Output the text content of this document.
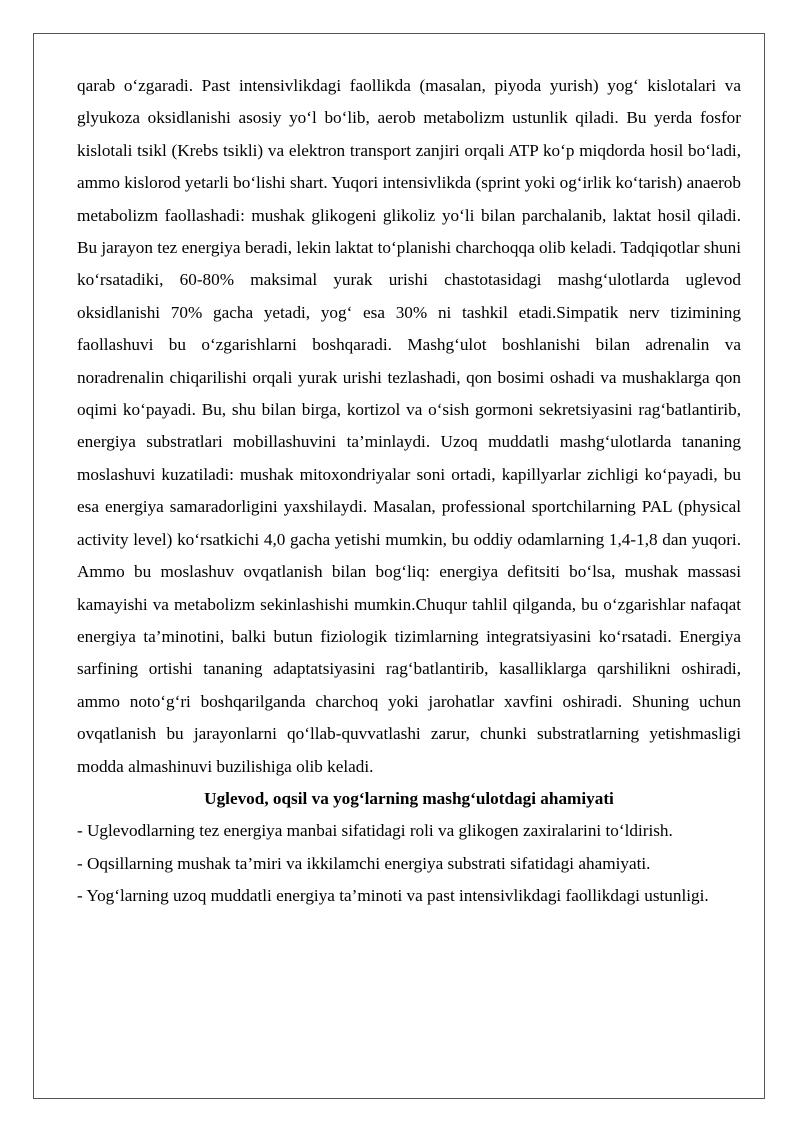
qarab o‘zgaradi. Past intensivlikdagi faollikda (masalan, piyoda yurish) yog‘ kislotalari va glyukoza oksidlanishi asosiy yo‘l bo‘lib, aerob metabolizm ustunlik qiladi. Bu yerda fosfor kislotali tsikl (Krebs tsikli) va elektron transport zanjiri orqali ATP ko‘p miqdorda hosil bo‘ladi, ammo kislorod yetarli bo‘lishi shart. Yuqori intensivlikda (sprint yoki og‘irlik ko‘tarish) anaerob metabolizm faollashadi: mushak glikogeni glikoliz yo‘li bilan parchalanib, laktat hosil qiladi. Bu jarayon tez energiya beradi, lekin laktat to‘planishi charchoqqa olib keladi. Tadqiqotlar shuni ko‘rsatadiki, 60-80% maksimal yurak urishi chastotasidagi mashg‘ulotlarda uglevod oksidlanishi 70% gacha yetadi, yog‘ esa 30% ni tashkil etadi.Simpatik nerv tizimining faollashuvi bu o‘zgarishlarni boshqaradi. Mashg‘ulot boshlanishi bilan adrenalin va noradrenalin chiqarilishi orqali yurak urishi tezlashadi, qon bosimi oshadi va mushaklarga qon oqimi ko‘payadi. Bu, shu bilan birga, kortizol va o‘sish gormoni sekretsiyasini rag‘batlantirib, energiya substratlari mobillashuvini ta’minlaydi. Uzoq muddatli mashg‘ulotlarda tananing moslashuvi kuzatiladi: mushak mitoxondriyalar soni ortadi, kapillyarlar zichligi ko‘payadi, bu esa energiya samaradorligini yaxshilaydi. Masalan, professional sportchilarning PAL (physical activity level) ko‘rsatkichi 4,0 gacha yetishi mumkin, bu oddiy odamlarning 1,4-1,8 dan yuqori. Ammo bu moslashuv ovqatlanish bilan bog‘liq: energiya defitsiti bo‘lsa, mushak massasi kamayishi va metabolizm sekinlashishi mumkin.Chuqur tahlil qilganda, bu o‘zgarishlar nafaqat energiya ta’minotini, balki butun fiziologik tizimlarning integratsiyasini ko‘rsatadi. Energiya sarfining ortishi tananing adaptatsiyasini rag‘batlantirib, kasalliklarga qarshilikni oshiradi, ammo noto‘g‘ri boshqarilganda charchoq yoki jarohatlar xavfini oshiradi. Shuning uchun ovqatlanish bu jarayonlarni qo‘llab-quvvatlashi zarur, chunki substratlarning yetishmasligi modda almashinuvi buzilishiga olib keladi.

Uglevod, oqsil va yog‘larning mashg‘ulotdagi ahamiyati

- Uglevodlarning tez energiya manbai sifatidagi roli va glikogen zaxiralarini to‘ldirish.

- Oqsillarning mushak ta’miri va ikkilamchi energiya substrati sifatidagi ahamiyati.

- Yog‘larning uzoq muddatli energiya ta’minoti va past intensivlikdagi faollikdagi ustunligi.
